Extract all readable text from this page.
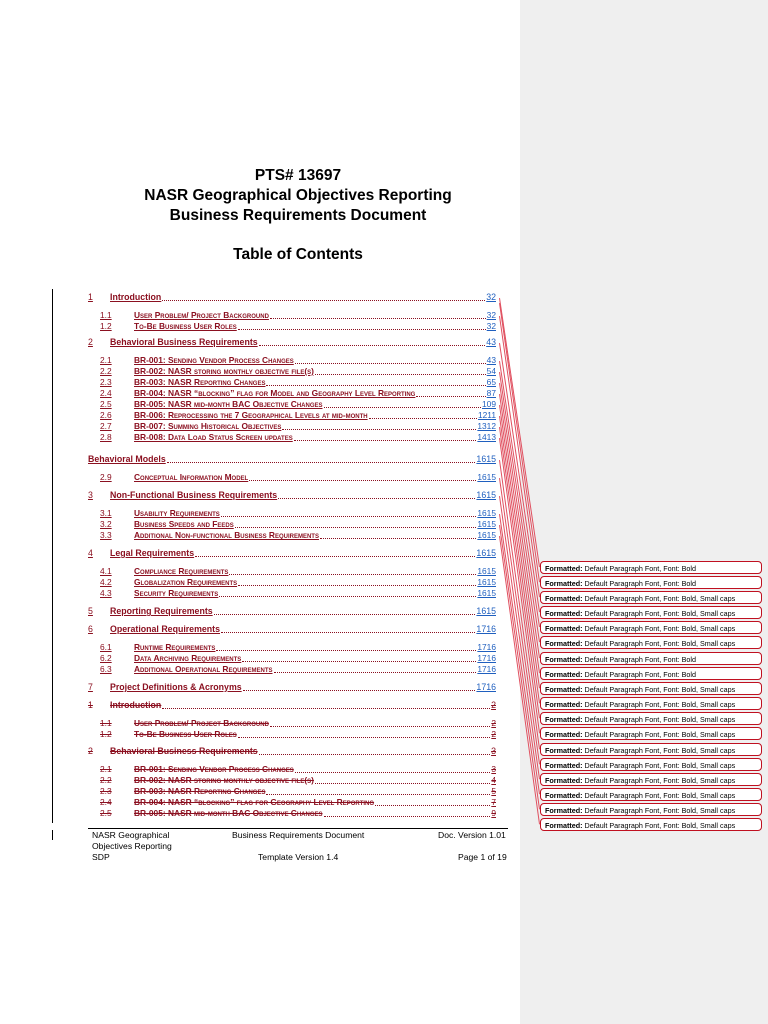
PTS# 13697
NASR Geographical Objectives Reporting
Business Requirements Document
Table of Contents
1	Introduction	32
1.1	User Problem/ Project Background	32
1.2	To-Be Business User Roles	32
2	Behavioral Business Requirements	43
2.1	BR-001: Sending Vendor Process Changes	43
2.2	BR-002: NASR storing monthly objective file(s)	54
2.3	BR-003: NASR Reporting Changes	65
2.4	BR-004: NASR “blocking” flag for Model and Geography Level Reporting	87
2.5	BR-005: NASR mid-month BAC Objective Changes	109
2.6	BR-006: Reprocessing the 7 Geographical Levels at mid-month	1211
2.7	BR-007: Summing Historical Objectives	1312
2.8	BR-008: Data Load Status Screen updates	1413
Behavioral Models	1615
2.9	Conceptual Information Model	1615
3	Non-Functional Business Requirements	1615
3.1	Usability Requirements	1615
3.2	Business Speeds and Feeds	1615
3.3	Additional Non-functional Business Requirements	1615
4	Legal Requirements	1615
4.1	Compliance Requirements	1615
4.2	Globalization Requirements	1615
4.3	Security Requirements	1615
5	Reporting Requirements	1615
6	Operational Requirements	1716
6.1	Runtime Requirements	1716
6.2	Data Archiving Requirements	1716
6.3	Additional Operational Requirements	1716
7	Project Definitions & Acronyms	1716
1	Introduction	2
1.1	User Problem/ Project Background	2
1.2	To-Be Business User Roles	2
2	Behavioral Business Requirements	3
2.1	BR-001: Sending Vendor Process Changes	3
2.2	BR-002: NASR storing monthly objective file(s)	4
2.3	BR-003: NASR Reporting Changes	5
2.4	BR-004: NASR “blocking” flag for Geography Level Reporting	7
2.5	BR-005: NASR mid-month BAC Objective Changes	9
NASR Geographical
Objectives Reporting
SDP
Business Requirements Document
Template Version 1.4
Doc. Version 1.01
Page 1 of 19
Formatted: Default Paragraph Font, Font: Bold
Formatted: Default Paragraph Font, Font: Bold
Formatted: Default Paragraph Font, Font: Bold, Small caps
Formatted: Default Paragraph Font, Font: Bold, Small caps
Formatted: Default Paragraph Font, Font: Bold, Small caps
Formatted: Default Paragraph Font, Font: Bold, Small caps
Formatted: Default Paragraph Font, Font: Bold
Formatted: Default Paragraph Font, Font: Bold
Formatted: Default Paragraph Font, Font: Bold, Small caps
Formatted: Default Paragraph Font, Font: Bold, Small caps
Formatted: Default Paragraph Font, Font: Bold, Small caps
Formatted: Default Paragraph Font, Font: Bold, Small caps
Formatted: Default Paragraph Font, Font: Bold, Small caps
Formatted: Default Paragraph Font, Font: Bold, Small caps
Formatted: Default Paragraph Font, Font: Bold, Small caps
Formatted: Default Paragraph Font, Font: Bold, Small caps
Formatted: Default Paragraph Font, Font: Bold, Small caps
Formatted: Default Paragraph Font, Font: Bold, Small caps
